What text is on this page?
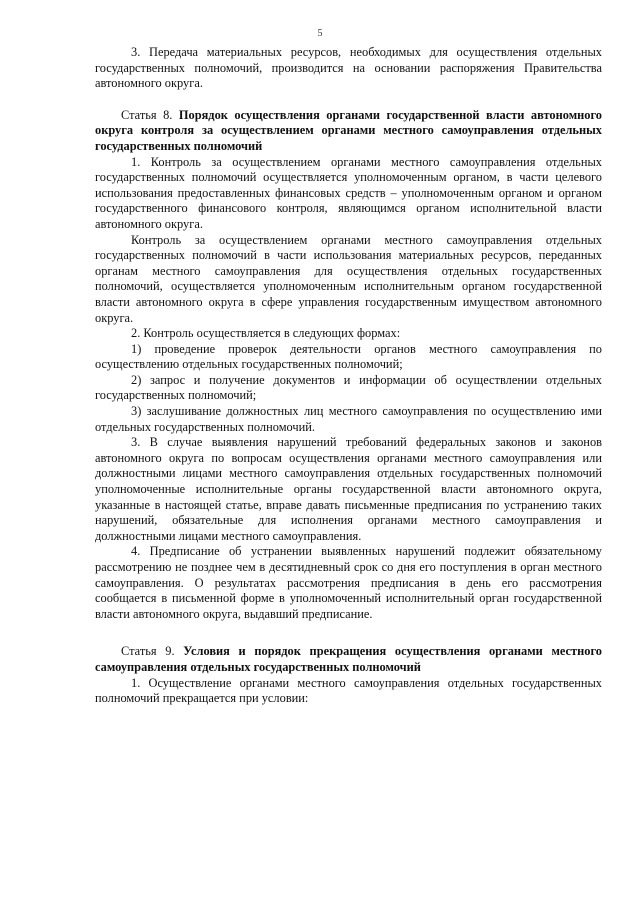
5

3. Передача материальных ресурсов, необходимых для осуществления отдельных государственных полномочий, производится на основании распоряжения Правительства автономного округа.

Статья 8. Порядок осуществления органами государственной власти автономного округа контроля за осуществлением органами местного самоуправления отдельных государственных полномочий

1. Контроль за осуществлением органами местного самоуправления отдельных государственных полномочий осуществляется уполномоченным органом, в части целевого использования предоставленных финансовых средств – уполномоченным органом и органом государственного финансового контроля, являющимся органом исполнительной власти автономного округа.

Контроль за осуществлением органами местного самоуправления отдельных государственных полномочий в части использования материальных ресурсов, переданных органам местного самоуправления для осуществления отдельных государственных полномочий, осуществляется уполномоченным исполнительным органом государственной власти автономного округа в сфере управления государственным имуществом автономного округа.

2. Контроль осуществляется в следующих формах:

1) проведение проверок деятельности органов местного самоуправления по осуществлению отдельных государственных полномочий;

2) запрос и получение документов и информации об осуществлении отдельных государственных полномочий;

3) заслушивание должностных лиц местного самоуправления по осуществлению ими отдельных государственных полномочий.

3. В случае выявления нарушений требований федеральных законов и законов автономного округа по вопросам осуществления органами местного самоуправления или должностными лицами местного самоуправления отдельных государственных полномочий уполномоченные исполнительные органы государственной власти автономного округа, указанные в настоящей статье, вправе давать письменные предписания по устранению таких нарушений, обязательные для исполнения органами местного самоуправления и должностными лицами местного самоуправления.

4. Предписание об устранении выявленных нарушений подлежит обязательному рассмотрению не позднее чем в десятидневный срок со дня его поступления в орган местного самоуправления. О результатах рассмотрения предписания в день его рассмотрения сообщается в письменной форме в уполномоченный исполнительный орган государственной власти автономного округа, выдавший предписание.

Статья 9. Условия и порядок прекращения осуществления органами местного самоуправления отдельных государственных полномочий

1. Осуществление органами местного самоуправления отдельных государственных полномочий прекращается при условии:
